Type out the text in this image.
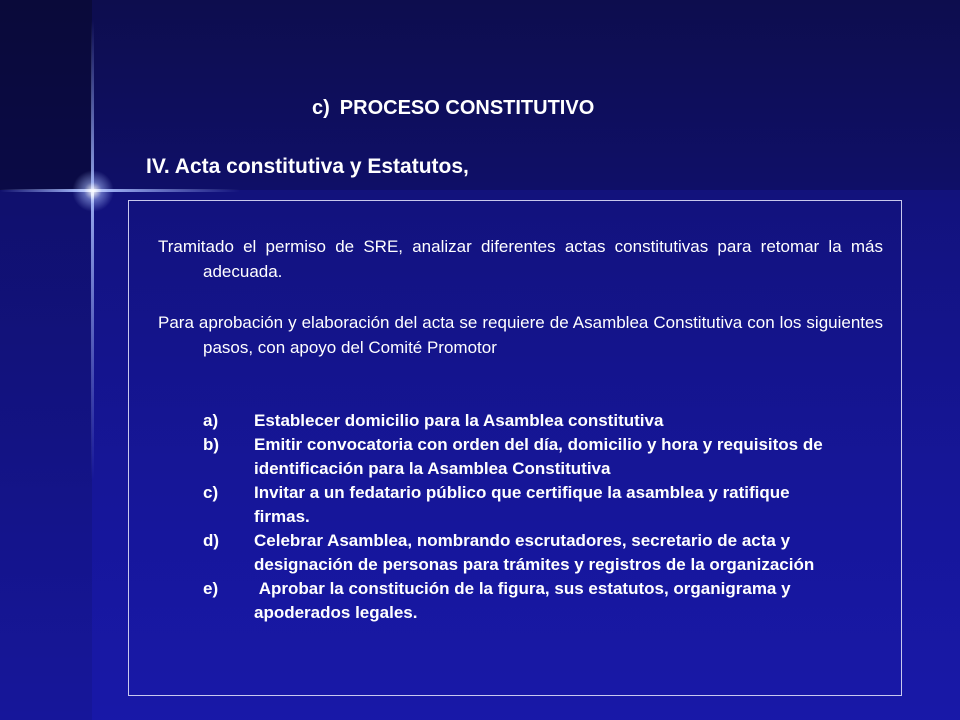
c) PROCESO CONSTITUTIVO
IV. Acta constitutiva y Estatutos,
Tramitado el permiso de SRE, analizar diferentes actas constitutivas para retomar la más adecuada.
Para aprobación y elaboración del acta se requiere de Asamblea Constitutiva con los siguientes pasos, con apoyo del Comité Promotor
a)	Establecer domicilio para la Asamblea constitutiva
b)	Emitir convocatoria con orden del día, domicilio y hora y requisitos de identificación para la Asamblea Constitutiva
c)	Invitar a un fedatario público que certifique la asamblea y ratifique firmas.
d)	Celebrar Asamblea, nombrando escrutadores, secretario de acta y designación de personas para trámites y registros de la organización
e)	Aprobar la constitución de la figura, sus estatutos, organigrama y apoderados legales.
